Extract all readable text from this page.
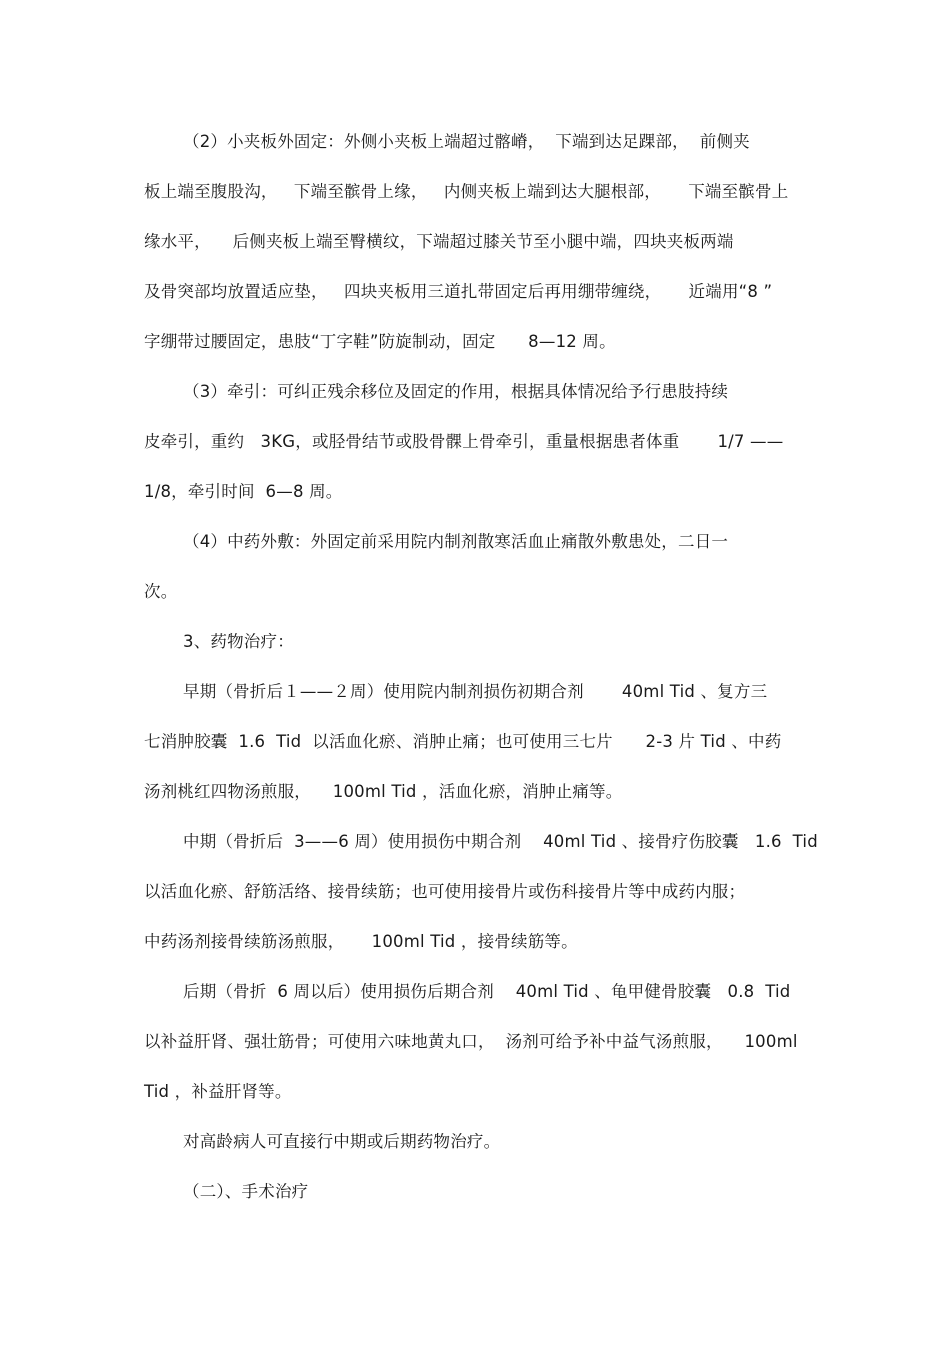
（2）小夹板外固定：外侧小夹板上端超过髂嵴，  下端到达足踝部，  前侧夹
板上端至腹股沟，   下端至髌骨上缘，   内侧夹板上端到达大腿根部，     下端至髌骨上
缘水平，    后侧夹板上端至臀横纹，下端超过膝关节至小腿中端，四块夹板两端
及骨突部均放置适应垫，   四块夹板用三道扎带固定后再用绷带缠绕，     近端用“8 ”
字绷带过腰固定，患肢“丁字鞋”防旋制动，固定      8—12 周。
（3）牵引：可纠正残余移位及固定的作用，根据具体情况给予行患肢持续
皮牵引，重约   3KG，或胫骨结节或股骨髁上骨牵引，重量根据患者体重       1/7 ——
1/8，牵引时间  6—8 周。
（4）中药外敷：外固定前采用院内制剂散寒活血止痛散外敷患处，二日一
次。
3、药物治疗：
早期（骨折后１——２周）使用院内制剂损伤初期合剂       40ml Tid 、复方三
七消肿胶囊  1.6  Tid  以活血化瘀、消肿止痛；也可使用三七片      2-3 片 Tid 、中药
汤剂桃红四物汤煎服，    100ml Tid ，活血化瘀，消肿止痛等。
中期（骨折后  3——6 周）使用损伤中期合剂    40ml Tid 、接骨疗伤胶囊   1.6  Tid
以活血化瘀、舒筋活络、接骨续筋；也可使用接骨片或伤科接骨片等中成药内服；
中药汤剂接骨续筋汤煎服，     100ml Tid ，接骨续筋等。
后期（骨折  6 周以后）使用损伤后期合剂    40ml Tid 、龟甲健骨胶囊   0.8  Tid
以补益肝肾、强壮筋骨；可使用六味地黄丸口，  汤剂可给予补中益气汤煎服，    100ml
Tid ，补益肝肾等。
对高龄病人可直接行中期或后期药物治疗。
（二）、手术治疗
